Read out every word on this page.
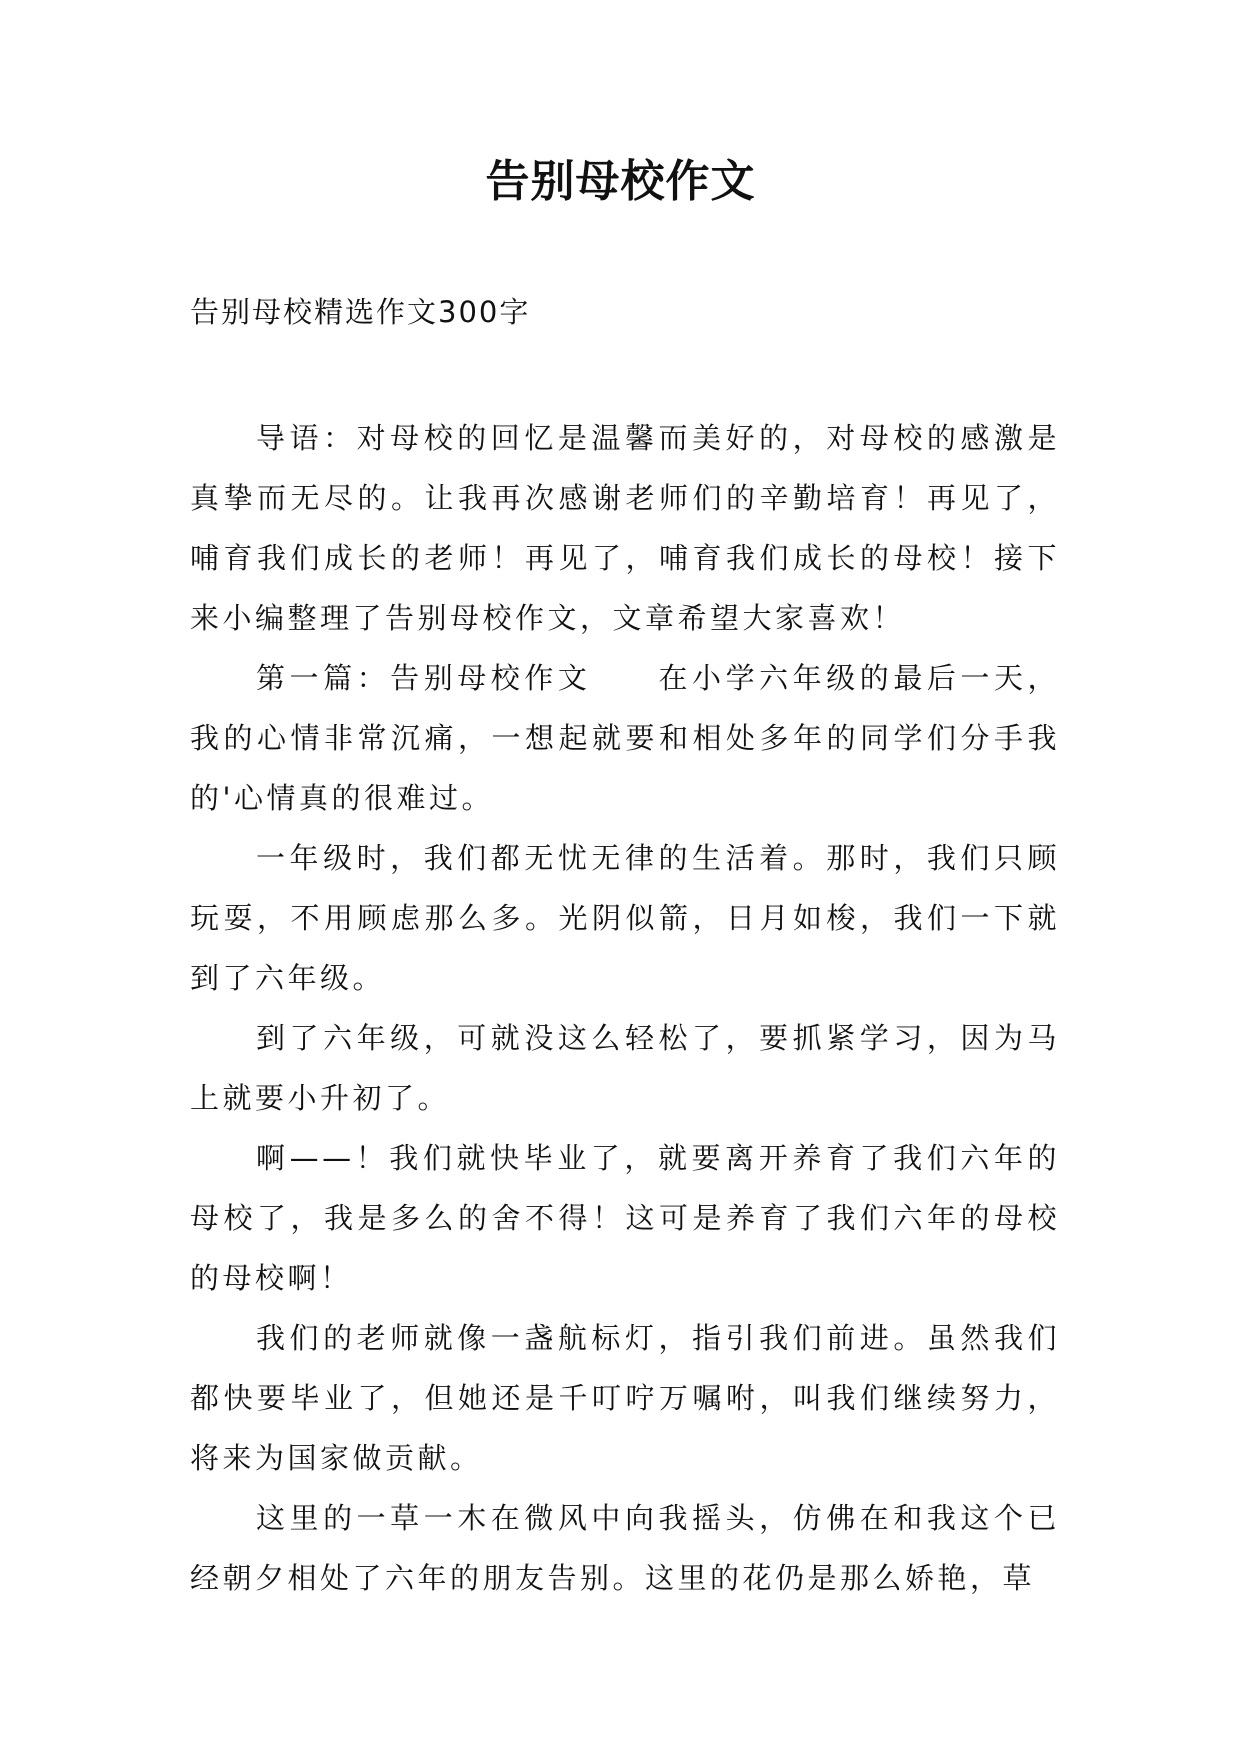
告别母校作文
告别母校精选作文300字

导语：对母校的回忆是温馨而美好的，对母校的感激是真挚而无尽的。让我再次感谢老师们的辛勤培育！再见了，哺育我们成长的老师！再见了，哺育我们成长的母校！接下来小编整理了告别母校作文，文章希望大家喜欢！

第一篇：告别母校作文　　在小学六年级的最后一天，我的心情非常沉痛，一想起就要和相处多年的同学们分手我的'心情真的很难过。

一年级时，我们都无忧无律的生活着。那时，我们只顾玩耍，不用顾虑那么多。光阴似箭，日月如梭，我们一下就到了六年级。

到了六年级，可就没这么轻松了，要抓紧学习，因为马上就要小升初了。

啊——！我们就快毕业了，就要离开养育了我们六年的母校了，我是多么的舍不得！这可是养育了我们六年的母校的母校啊！

我们的老师就像一盏航标灯，指引我们前进。虽然我们都快要毕业了，但她还是千叮咛万嘱咐，叫我们继续努力，将来为国家做贡献。

这里的一草一木在微风中向我摇头，仿佛在和我这个已经朝夕相处了六年的朋友告别。这里的花仍是那么娇艳，草
